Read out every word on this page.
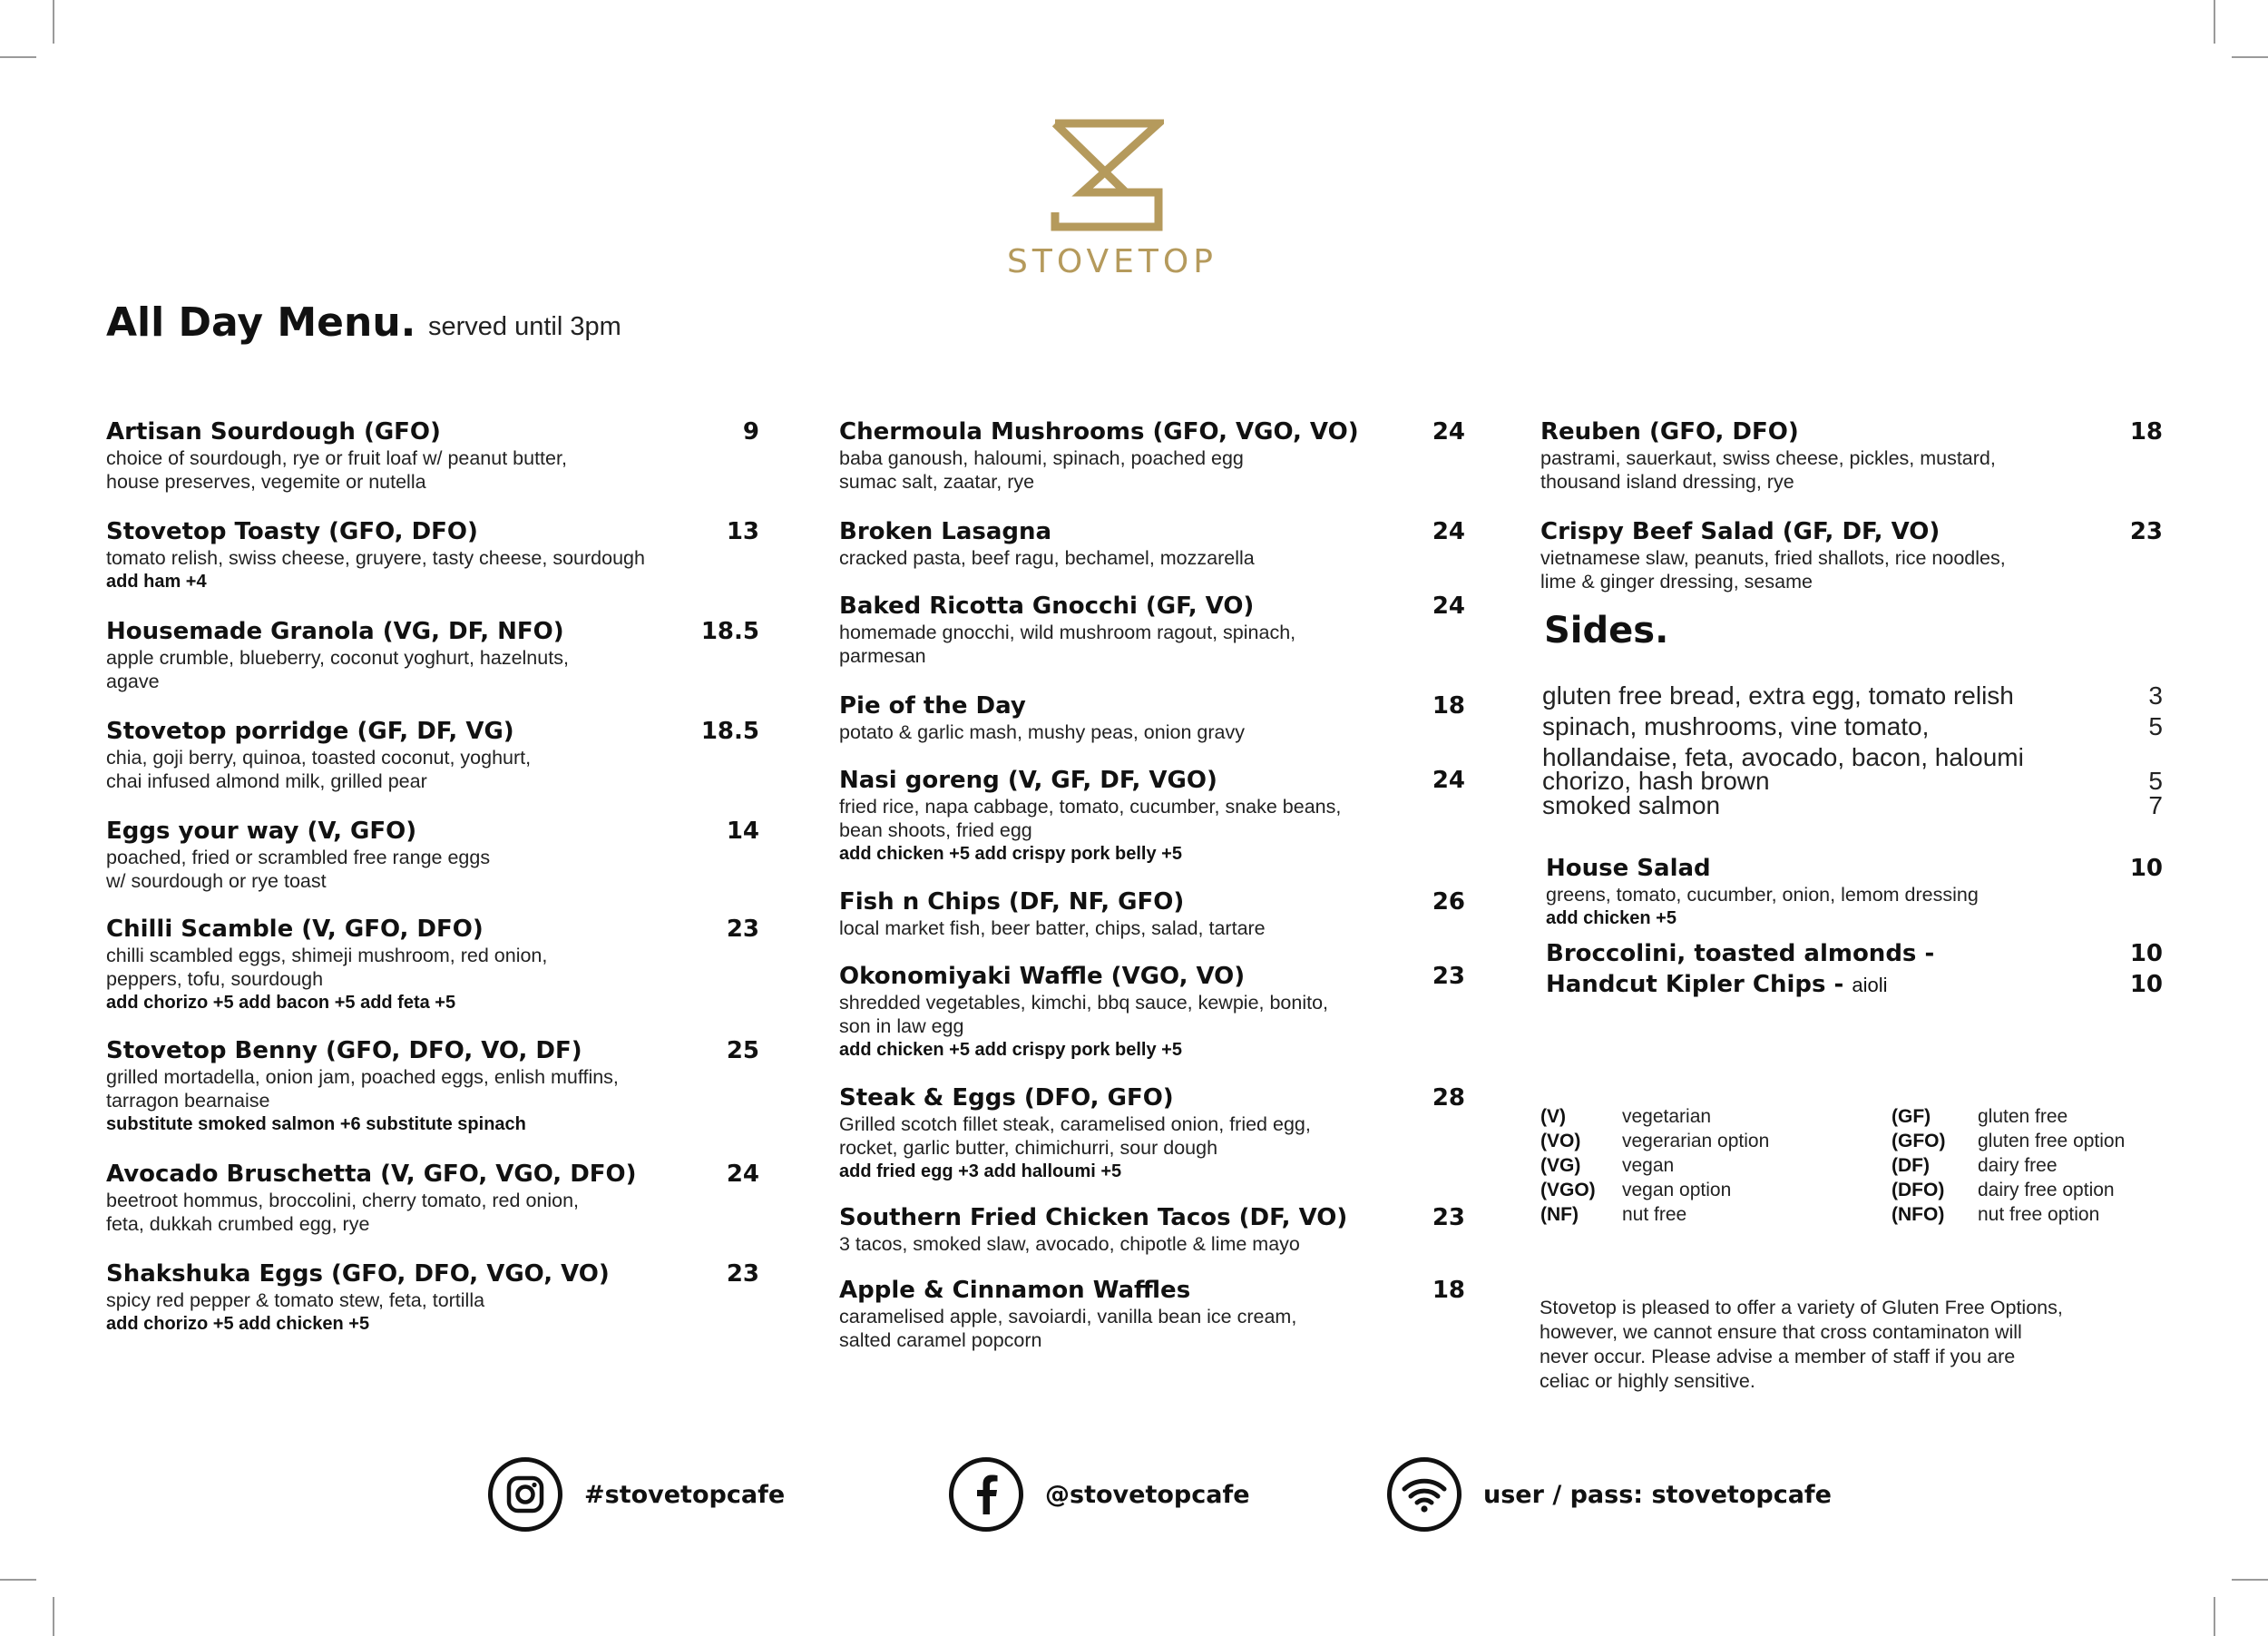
STOVETOP
All Day Menu. served until 3pm
Artisan Sourdough (GFO)	9
choice of sourdough, rye or fruit loaf w/ peanut butter,
house preserves, vegemite or nutella
Stovetop Toasty (GFO, DFO)	13
tomato relish, swiss cheese, gruyere, tasty cheese, sourdough
add ham +4
Housemade Granola (VG, DF, NFO)	18.5
apple crumble, blueberry, coconut yoghurt, hazelnuts,
agave
Stovetop porridge (GF, DF, VG)	18.5
chia, goji berry, quinoa, toasted coconut, yoghurt,
chai infused almond milk, grilled pear
Eggs your way (V, GFO)	14
poached, fried or scrambled free range eggs
w/ sourdough or rye toast
Chilli Scamble (V, GFO, DFO)	23
chilli scambled eggs, shimeji mushroom, red onion,
peppers, tofu, sourdough
add chorizo +5 add bacon +5 add feta +5
Stovetop Benny (GFO, DFO, VO, DF)	25
grilled mortadella, onion jam, poached eggs, enlish muffins,
tarragon bearnaise
substitute smoked salmon +6 substitute spinach
Avocado Bruschetta (V, GFO, VGO, DFO)	24
beetroot hommus, broccolini, cherry tomato, red onion,
feta, dukkah crumbed egg, rye
Shakshuka Eggs (GFO, DFO, VGO, VO)	23
spicy red pepper & tomato stew, feta, tortilla
add chorizo +5 add chicken +5
Chermoula Mushrooms (GFO, VGO, VO)	24
baba ganoush, haloumi, spinach, poached egg
sumac salt, zaatar, rye
Broken Lasagna	24
cracked pasta, beef ragu, bechamel, mozzarella
Baked Ricotta Gnocchi (GF, VO)	24
homemade gnocchi, wild mushroom ragout, spinach,
parmesan
Pie of the Day	18
potato & garlic mash, mushy peas, onion gravy
Nasi goreng (V, GF, DF, VGO)	24
fried rice, napa cabbage, tomato, cucumber, snake beans,
bean shoots, fried egg
add chicken +5 add crispy pork belly +5
Fish n Chips (DF, NF, GFO)	26
local market fish, beer batter, chips, salad, tartare
Okonomiyaki Waffle (VGO, VO)	23
shredded vegetables, kimchi, bbq sauce, kewpie, bonito,
son in law egg
add chicken +5 add crispy pork belly +5
Steak & Eggs (DFO, GFO)	28
Grilled scotch fillet steak, caramelised onion, fried egg,
rocket, garlic butter, chimichurri, sour dough
add fried egg +3 add halloumi +5
Southern Fried Chicken Tacos (DF, VO)	23
3 tacos, smoked slaw, avocado, chipotle & lime mayo
Apple & Cinnamon Waffles	18
caramelised apple, savoiardi, vanilla bean ice cream,
salted caramel popcorn
Reuben (GFO, DFO)	18
pastrami, sauerkaut, swiss cheese, pickles, mustard,
thousand island dressing, rye
Crispy Beef Salad (GF, DF, VO)	23
vietnamese slaw, peanuts, fried shallots, rice noodles,
lime & ginger dressing, sesame
Sides.
gluten free bread, extra egg, tomato relish	3
spinach, mushrooms, vine tomato,	5
hollandaise, feta, avocado, bacon, haloumi
chorizo, hash brown	5
smoked salmon	7
House Salad	10
greens, tomato, cucumber, onion, lemom dressing
add chicken +5
Broccolini, toasted almonds -	10
Handcut Kipler Chips - aioli	10
(V)	vegetarian	(GF)	gluten free
(VO)	vegerarian option	(GFO)	gluten free option
(VG)	vegan	(DF)	dairy free
(VGO)	vegan option	(DFO)	dairy free option
(NF)	nut free	(NFO)	nut free option
Stovetop is pleased to offer a variety of Gluten Free Options,
however, we cannot ensure that cross contaminaton will
never occur. Please advise a member of staff if you are
celiac or highly sensitive.
#stovetopcafe	@stovetopcafe	user / pass: stovetopcafe
